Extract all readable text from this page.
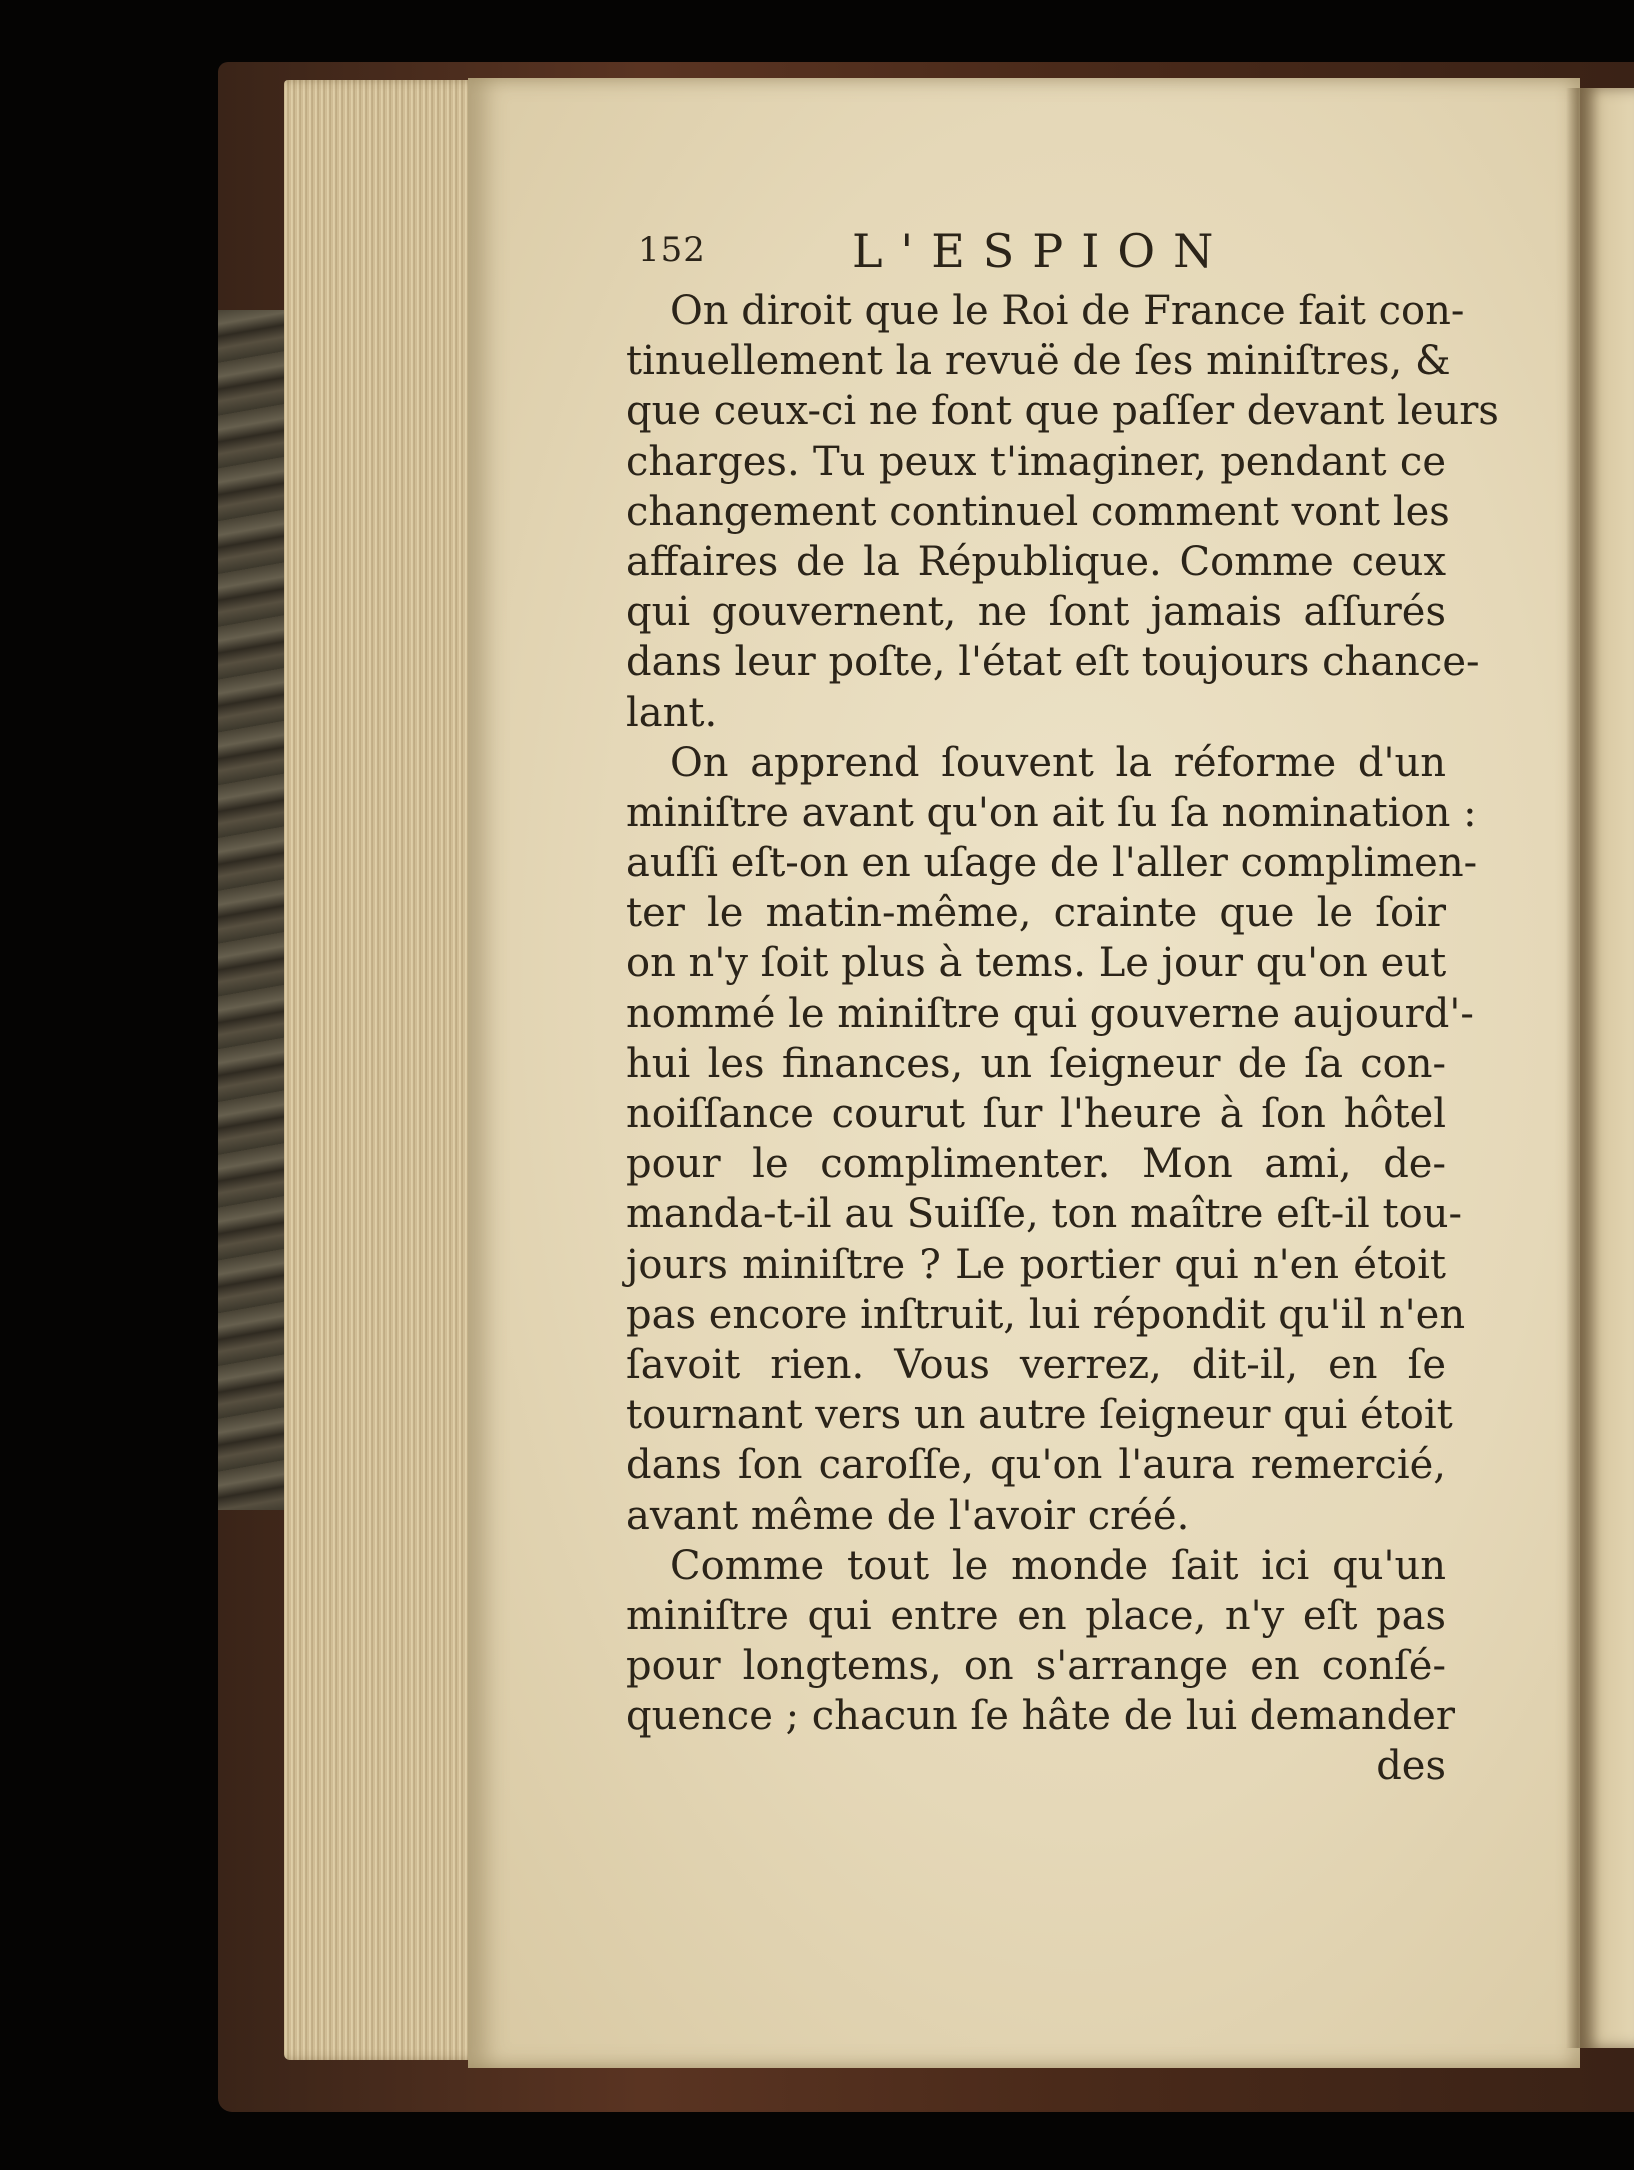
152	L'ESPION
On diroit que le Roi de France fait con-
tinuellement la revuë de ſes miniſtres, &
que ceux-ci ne font que paſſer devant leurs
charges. Tu peux t'imaginer, pendant ce
changement continuel comment vont les
affaires de la République. Comme ceux
qui gouvernent, ne ſont jamais aſſurés
dans leur poſte, l'état eſt toujours chance-
lant.
On apprend ſouvent la réforme d'un
miniſtre avant qu'on ait ſu ſa nomination :
auſſi eſt-on en uſage de l'aller complimen-
ter le matin-même, crainte que le ſoir
on n'y ſoit plus à tems. Le jour qu'on eut
nommé le miniſtre qui gouverne aujourd'-
hui les finances, un ſeigneur de ſa con-
noiſſance courut ſur l'heure à ſon hôtel
pour le complimenter. Mon ami, de-
manda-t-il au Suiſſe, ton maître eſt-il tou-
jours miniſtre ? Le portier qui n'en étoit
pas encore inſtruit, lui répondit qu'il n'en
ſavoit rien. Vous verrez, dit-il, en ſe
tournant vers un autre ſeigneur qui étoit
dans ſon caroſſe, qu'on l'aura remercié,
avant même de l'avoir créé.
Comme tout le monde ſait ici qu'un
miniſtre qui entre en place, n'y eſt pas
pour longtems, on s'arrange en conſé-
quence ; chacun ſe hâte de lui demander
des
